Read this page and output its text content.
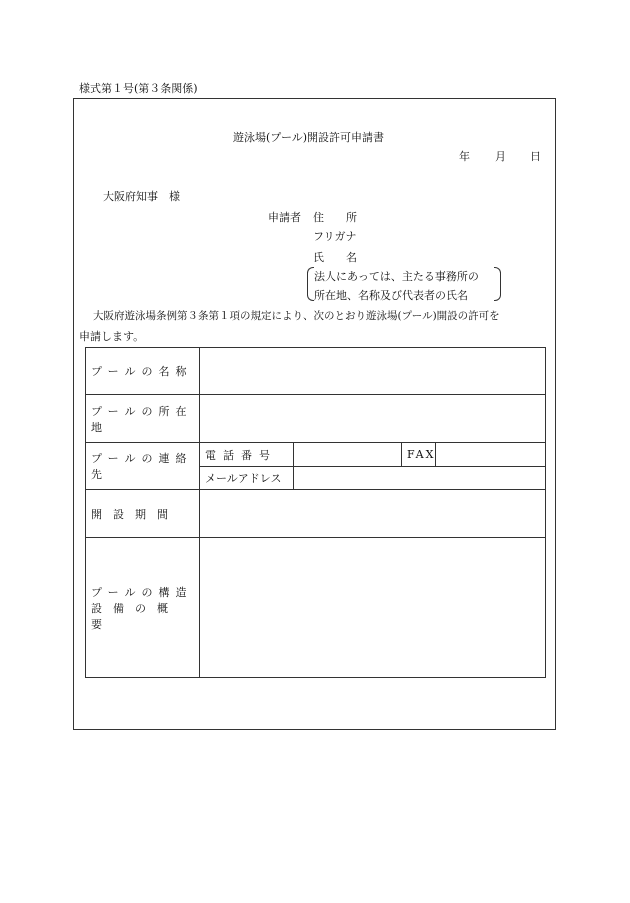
様式第１号(第３条関係)
遊泳場(プール)開設許可申請書
年 月 日
大阪府知事　様
申請者 住　　所
フリガナ
氏　　名
法人にあっては、主たる事務所の
所在地、名称及び代表者の氏名
大阪府遊泳場条例第３条第１項の規定により、次のとおり遊泳場(プール)開設の許可を
申請します。
プールの名称				
プールの所在地				
プールの連絡先	電話番号		FAX	
	メールアドレス			
開設期間				

プールの構造
設備の概要				
